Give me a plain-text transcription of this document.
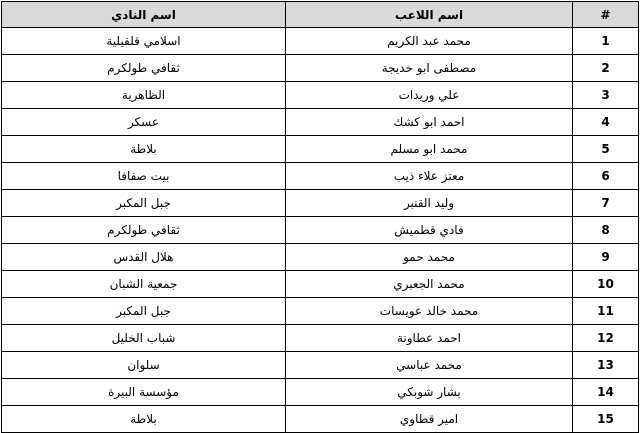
#	اسم اللاعب	اسم النادي
1	محمد عبد الكريم	اسلامي قلقيلية
2	مصطفى ابو خديجة	ثقافي طولكرم
3	علي وريدات	الظاهرية
4	احمد ابو كشك	عسكر
5	محمد ابو مسلم	بلاطة
6	معتز علاء ذيب	بيت صفافا
7	وليد القنبر	جبل المكبر
8	فادي قطميش	ثقافي طولكرم
9	محمد حمو	هلال القدس
10	محمد الجعبري	جمعية الشبان
11	محمد خالد عويسات	جبل المكبر
12	احمد عطاونة	شباب الخليل
13	محمد عباسي	سلوان
14	بشار شوبكي	مؤسسة البيرة
15	امير قطاوي	بلاطة
